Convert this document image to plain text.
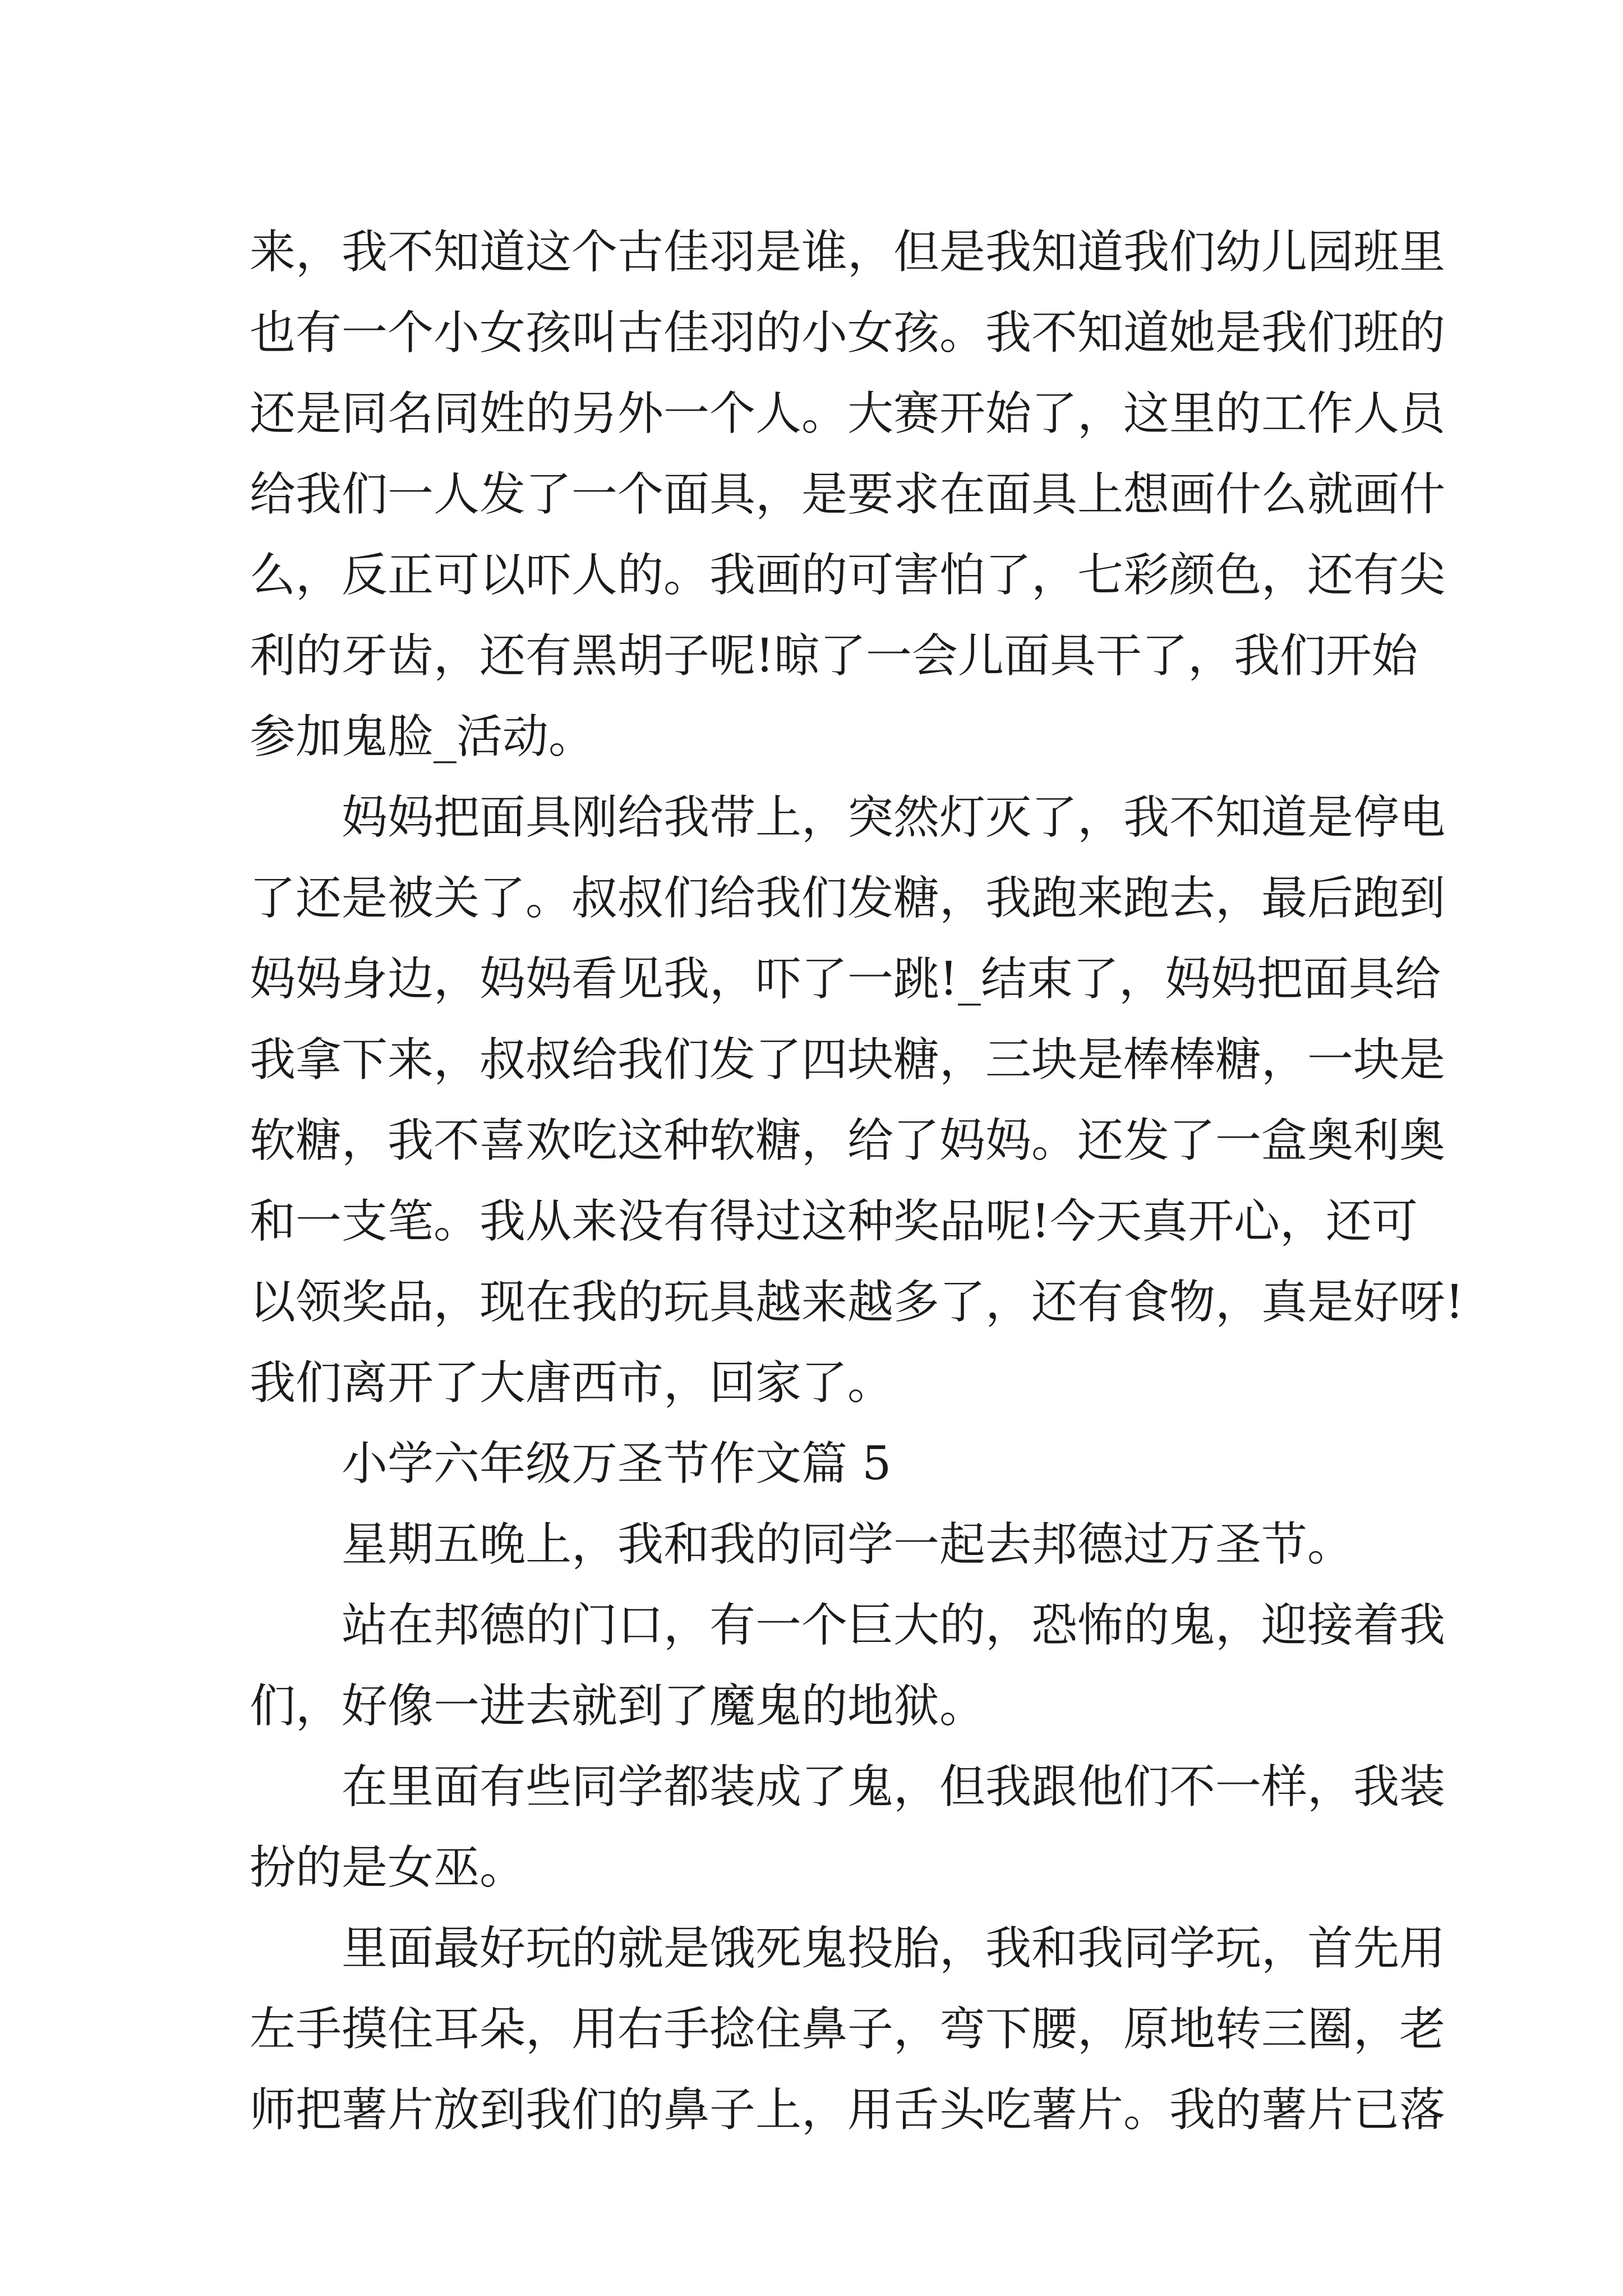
来，我不知道这个古佳羽是谁，但是我知道我们幼儿园班里
也有一个小女孩叫古佳羽的小女孩。我不知道她是我们班的
还是同名同姓的另外一个人。大赛开始了，这里的工作人员
给我们一人发了一个面具，是要求在面具上想画什么就画什
么，反正可以吓人的。我画的可害怕了，七彩颜色，还有尖
利的牙齿，还有黑胡子呢!晾了一会儿面具干了，我们开始
参加鬼脸_活动。
妈妈把面具刚给我带上，突然灯灭了，我不知道是停电
了还是被关了。叔叔们给我们发糖，我跑来跑去，最后跑到
妈妈身边，妈妈看见我，吓了一跳!_结束了，妈妈把面具给
我拿下来，叔叔给我们发了四块糖，三块是棒棒糖，一块是
软糖，我不喜欢吃这种软糖，给了妈妈。还发了一盒奥利奥
和一支笔。我从来没有得过这种奖品呢!今天真开心，还可
以领奖品，现在我的玩具越来越多了，还有食物，真是好呀!
我们离开了大唐西市，回家了。
小学六年级万圣节作文篇 5
星期五晚上，我和我的同学一起去邦德过万圣节。
站在邦德的门口，有一个巨大的，恐怖的鬼，迎接着我
们，好像一进去就到了魔鬼的地狱。
在里面有些同学都装成了鬼，但我跟他们不一样，我装
扮的是女巫。
里面最好玩的就是饿死鬼投胎，我和我同学玩，首先用
左手摸住耳朵，用右手捻住鼻子，弯下腰，原地转三圈，老
师把薯片放到我们的鼻子上，用舌头吃薯片。我的薯片已落
